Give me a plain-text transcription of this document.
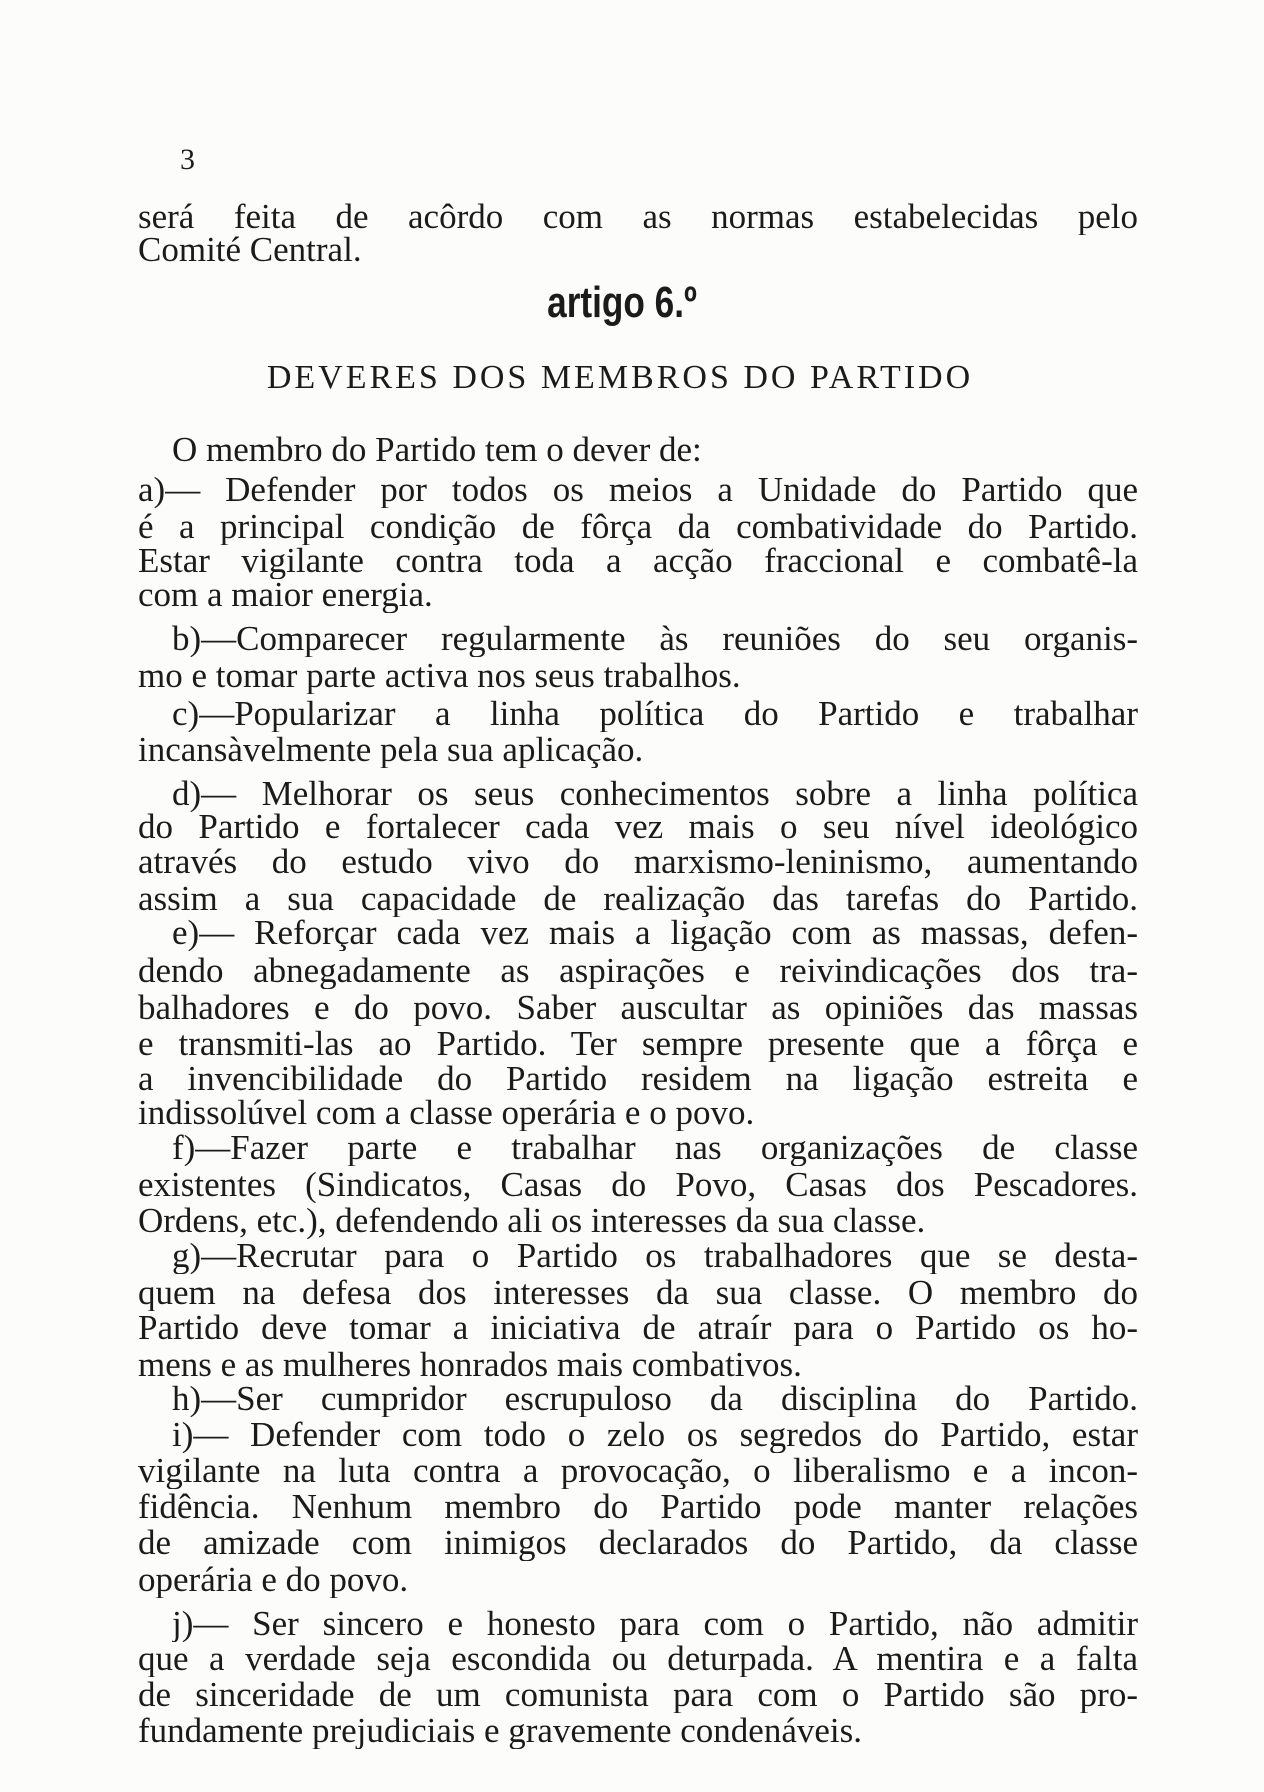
3
será feita de acôrdo com as normas estabelecidas pelo
Comité Central.
artigo 6.º
DEVERES DOS MEMBROS DO PARTIDO
O membro do Partido tem o dever de:
a)— Defender por todos os meios a Unidade do Partido que
é a principal condição de fôrça da combatividade do Partido.
Estar vigilante contra toda a acção fraccional e combatê-la
com a maior energia.
b)—Comparecer regularmente às reuniões do seu organis-
mo e tomar parte activa nos seus trabalhos.
c)—Popularizar a linha política do Partido e trabalhar
incansàvelmente pela sua aplicação.
d)— Melhorar os seus conhecimentos sobre a linha política
do Partido e fortalecer cada vez mais o seu nível ideológico
através do estudo vivo do marxismo-leninismo, aumentando
assim a sua capacidade de realização das tarefas do Partido.
e)— Reforçar cada vez mais a ligação com as massas, defen-
dendo abnegadamente as aspirações e reivindicações dos tra-
balhadores e do povo. Saber auscultar as opiniões das massas
e transmiti-las ao Partido. Ter sempre presente que a fôrça e
a invencibilidade do Partido residem na ligação estreita e
indissolúvel com a classe operária e o povo.
f)—Fazer parte e trabalhar nas organizações de classe
existentes (Sindicatos, Casas do Povo, Casas dos Pescadores.
Ordens, etc.), defendendo ali os interesses da sua classe.
g)—Recrutar para o Partido os trabalhadores que se desta-
quem na defesa dos interesses da sua classe. O membro do
Partido deve tomar a iniciativa de atraír para o Partido os ho-
mens e as mulheres honrados mais combativos.
h)—Ser cumpridor escrupuloso da disciplina do Partido.
i)— Defender com todo o zelo os segredos do Partido, estar
vigilante na luta contra a provocação, o liberalismo e a incon-
fidência. Nenhum membro do Partido pode manter relações
de amizade com inimigos declarados do Partido, da classe
operária e do povo.
j)— Ser sincero e honesto para com o Partido, não admitir
que a verdade seja escondida ou deturpada. A mentira e a falta
de sinceridade de um comunista para com o Partido são pro-
fundamente prejudiciais e gravemente condenáveis.
